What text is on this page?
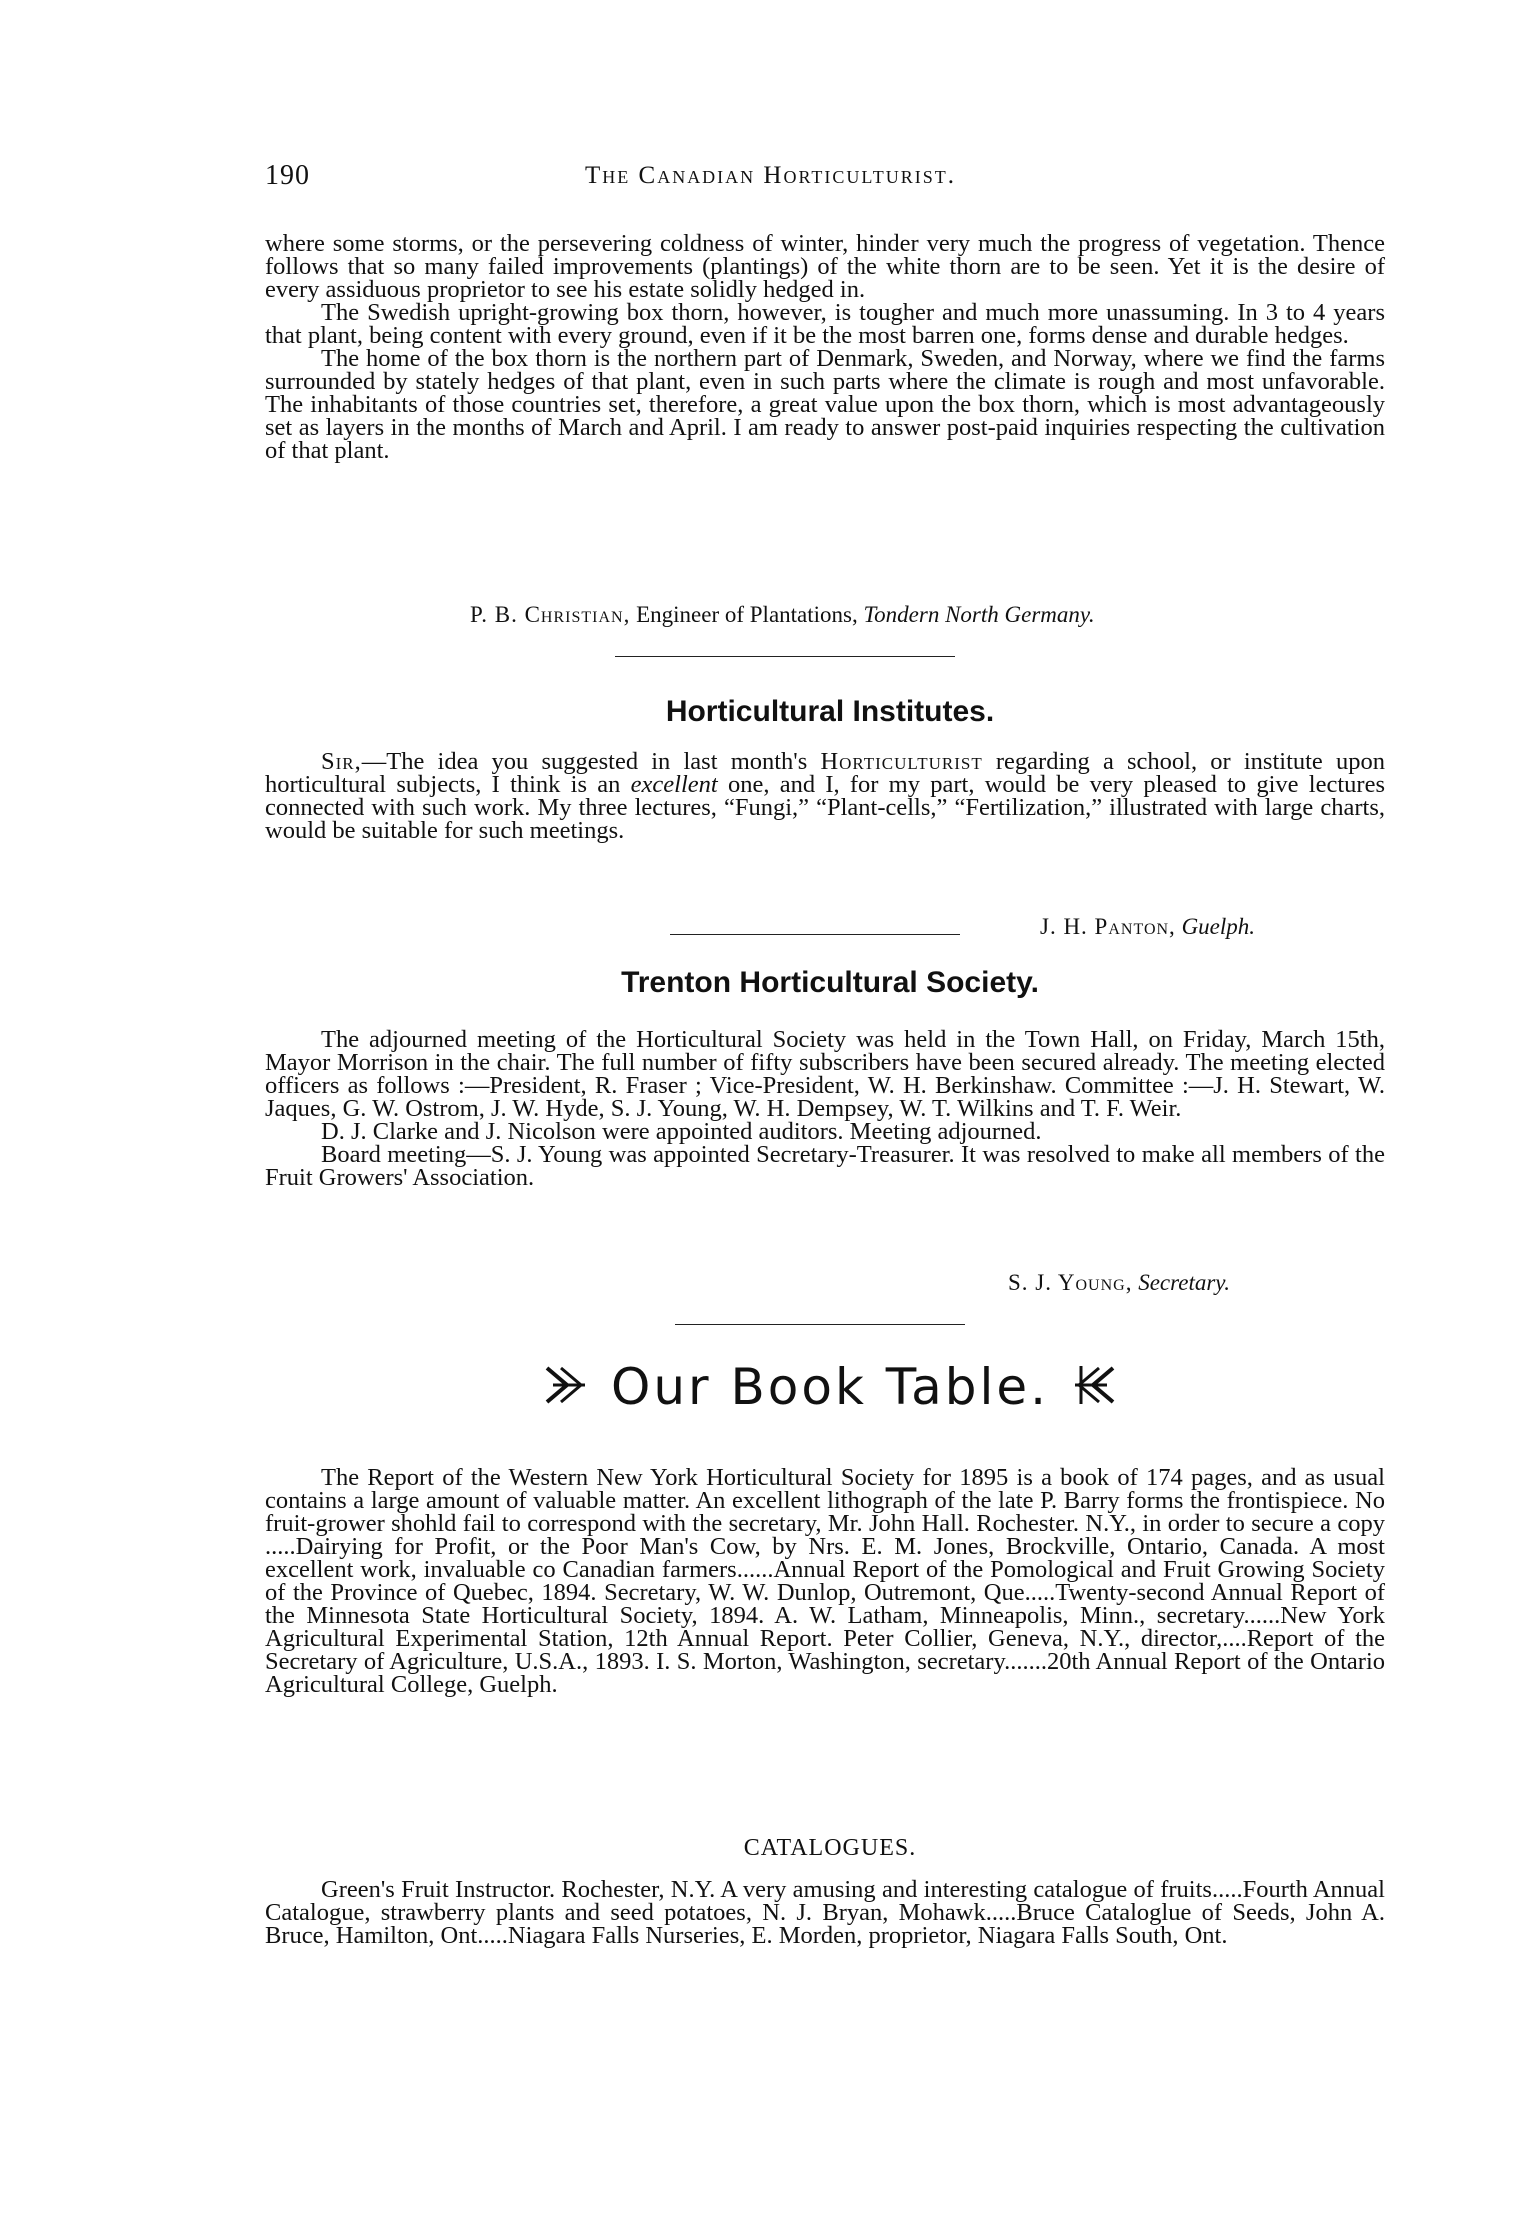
190	The Canadian Horticulturist.

where some storms, or the persevering coldness of winter, hinder very much the progress of vegetation. Thence follows that so many failed improvements (plantings) of the white thorn are to be seen. Yet it is the desire of every assiduous proprietor to see his estate solidly hedged in.

The Swedish upright-growing box thorn, however, is tougher and much more unassuming. In 3 to 4 years that plant, being content with every ground, even if it be the most barren one, forms dense and durable hedges.

The home of the box thorn is the northern part of Denmark, Sweden, and Norway, where we find the farms surrounded by stately hedges of that plant, even in such parts where the climate is rough and most unfavorable. The inhabitants of those countries set, therefore, a great value upon the box thorn, which is most advantageously set as layers in the months of March and April. I am ready to answer post-paid inquiries respecting the cultivation of that plant.

P. B. Christian, Engineer of Plantations, Tondern North Germany.
Horticultural Institutes.

Sir,—The idea you suggested in last month's Horticulturist regarding a school, or institute upon horticultural subjects, I think is an excellent one, and I, for my part, would be very pleased to give lectures connected with such work. My three lectures, “Fungi,” “Plant-cells,” “Fertilization,” illustrated with large charts, would be suitable for such meetings.

J. H. Panton, Guelph.
Trenton Horticultural Society.

The adjourned meeting of the Horticultural Society was held in the Town Hall, on Friday, March 15th, Mayor Morrison in the chair. The full number of fifty subscribers have been secured already. The meeting elected officers as follows :—President, R. Fraser ; Vice-President, W. H. Berkinshaw. Committee :—J. H. Stewart, W. Jaques, G. W. Ostrom, J. W. Hyde, S. J. Young, W. H. Dempsey, W. T. Wilkins and T. F. Weir.

D. J. Clarke and J. Nicolson were appointed auditors. Meeting adjourned.

Board meeting—S. J. Young was appointed Secretary-Treasurer. It was resolved to make all members of the Fruit Growers' Association.

S. J. Young, Secretary.
Our Book Table.

The Report of the Western New York Horticultural Society for 1895 is a book of 174 pages, and as usual contains a large amount of valuable matter. An excellent lithograph of the late P. Barry forms the frontispiece. No fruit-grower shohld fail to correspond with the secretary, Mr. John Hall. Rochester. N.Y., in order to secure a copy .....Dairying for Profit, or the Poor Man's Cow, by Nrs. E. M. Jones, Brockville, Ontario, Canada. A most excellent work, invaluable co Canadian farmers......Annual Report of the Pomological and Fruit Growing Society of the Province of Quebec, 1894. Secretary, W. W. Dunlop, Outremont, Que.....Twenty-second Annual Report of the Minnesota State Horticultural Society, 1894. A. W. Latham, Minneapolis, Minn., secretary......New York Agricultural Experimental Station, 12th Annual Report. Peter Collier, Geneva, N.Y., director,....Report of the Secretary of Agriculture, U.S.A., 1893. I. S. Morton, Washington, secretary.......20th Annual Report of the Ontario Agricultural College, Guelph.

CATALOGUES.

Green's Fruit Instructor. Rochester, N.Y. A very amusing and interesting catalogue of fruits.....Fourth Annual Catalogue, strawberry plants and seed potatoes, N. J. Bryan, Mohawk.....Bruce Cataloglue of Seeds, John A. Bruce, Hamilton, Ont.....Niagara Falls Nurseries, E. Morden, proprietor, Niagara Falls South, Ont.
